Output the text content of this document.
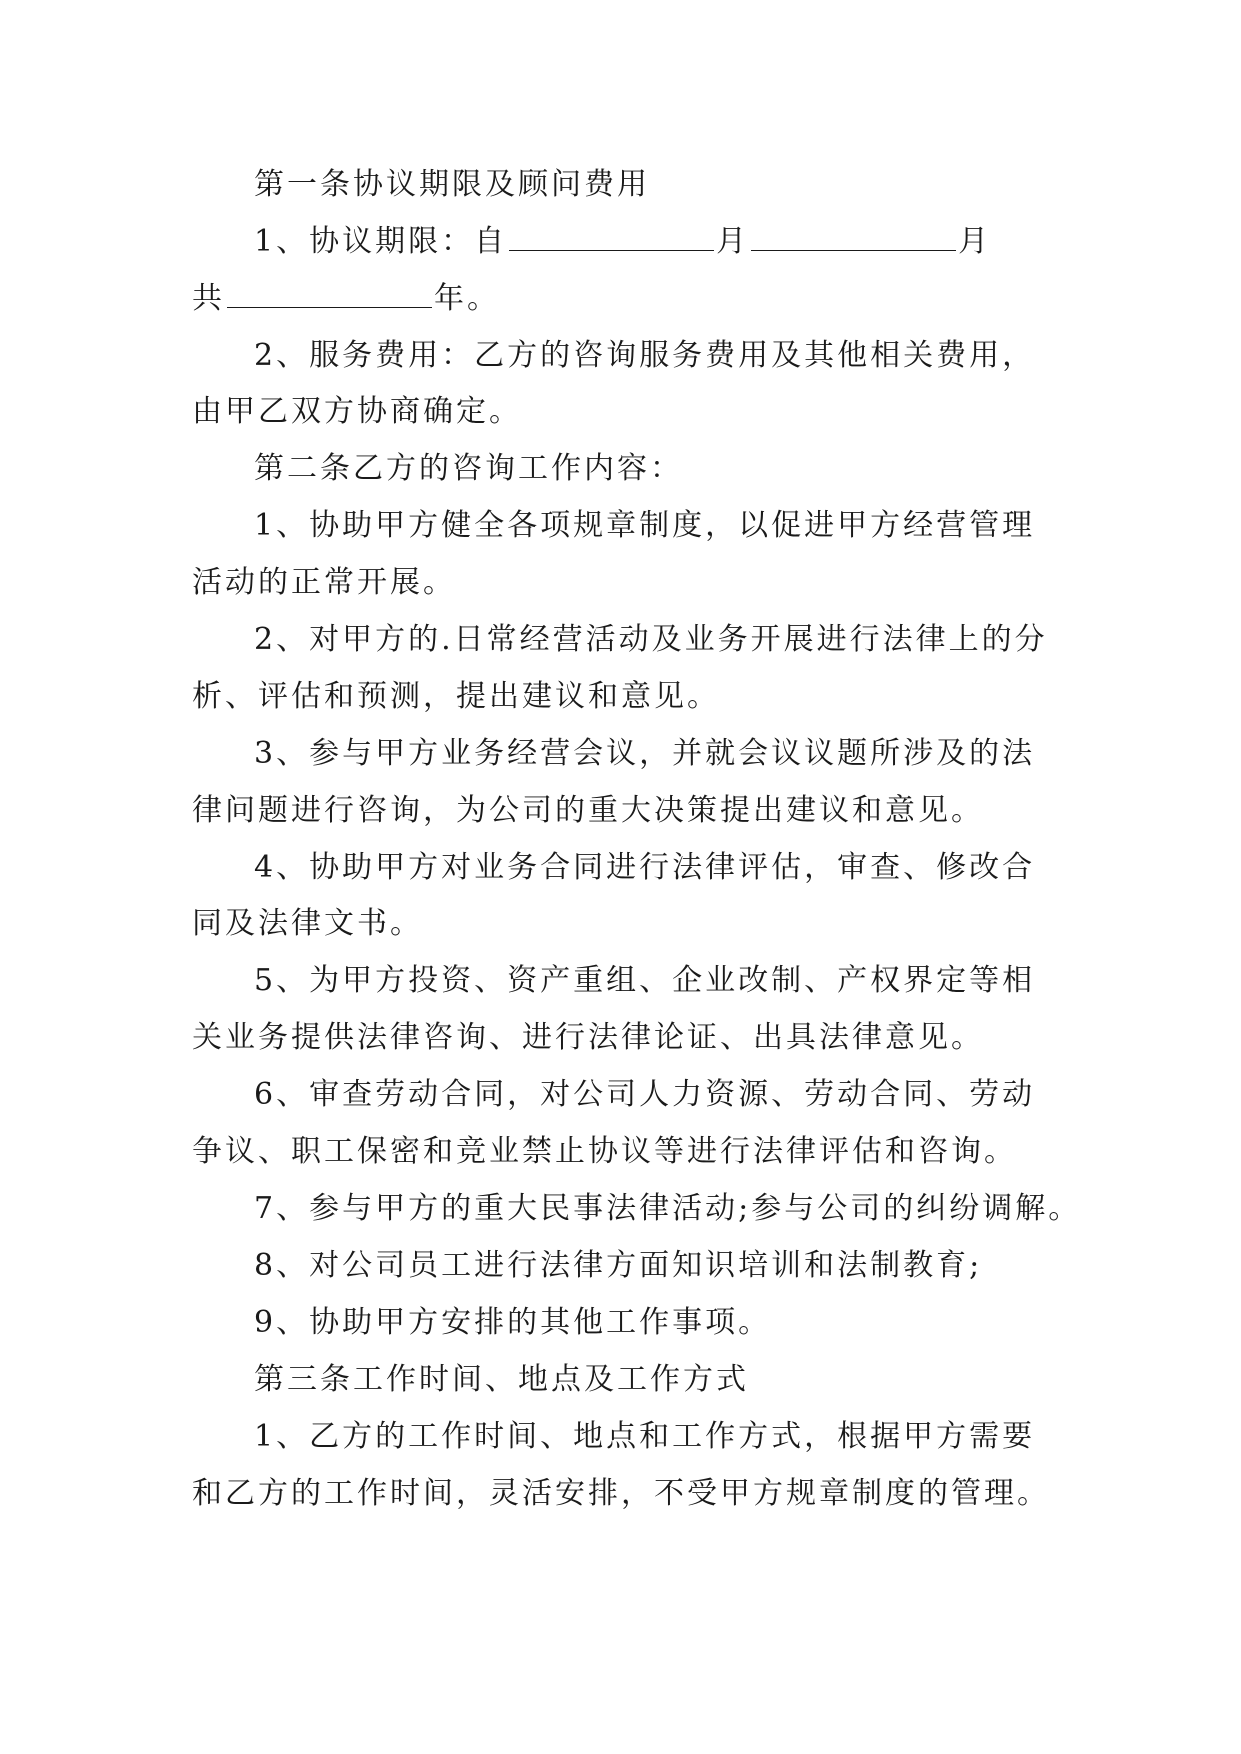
第一条协议期限及顾问费用

1、协议期限：自	月	月

共	年。

2、服务费用：乙方的咨询服务费用及其他相关费用，

由甲乙双方协商确定。

第二条乙方的咨询工作内容：

1、协助甲方健全各项规章制度，以促进甲方经营管理

活动的正常开展。

2、对甲方的.日常经营活动及业务开展进行法律上的分

析、评估和预测，提出建议和意见。

3、参与甲方业务经营会议，并就会议议题所涉及的法

律问题进行咨询，为公司的重大决策提出建议和意见。

4、协助甲方对业务合同进行法律评估，审查、修改合

同及法律文书。

5、为甲方投资、资产重组、企业改制、产权界定等相

关业务提供法律咨询、进行法律论证、出具法律意见。

6、审查劳动合同，对公司人力资源、劳动合同、劳动

争议、职工保密和竞业禁止协议等进行法律评估和咨询。

7、参与甲方的重大民事法律活动;参与公司的纠纷调解。

8、对公司员工进行法律方面知识培训和法制教育;

9、协助甲方安排的其他工作事项。

第三条工作时间、地点及工作方式

1、乙方的工作时间、地点和工作方式，根据甲方需要

和乙方的工作时间，灵活安排，不受甲方规章制度的管理。
